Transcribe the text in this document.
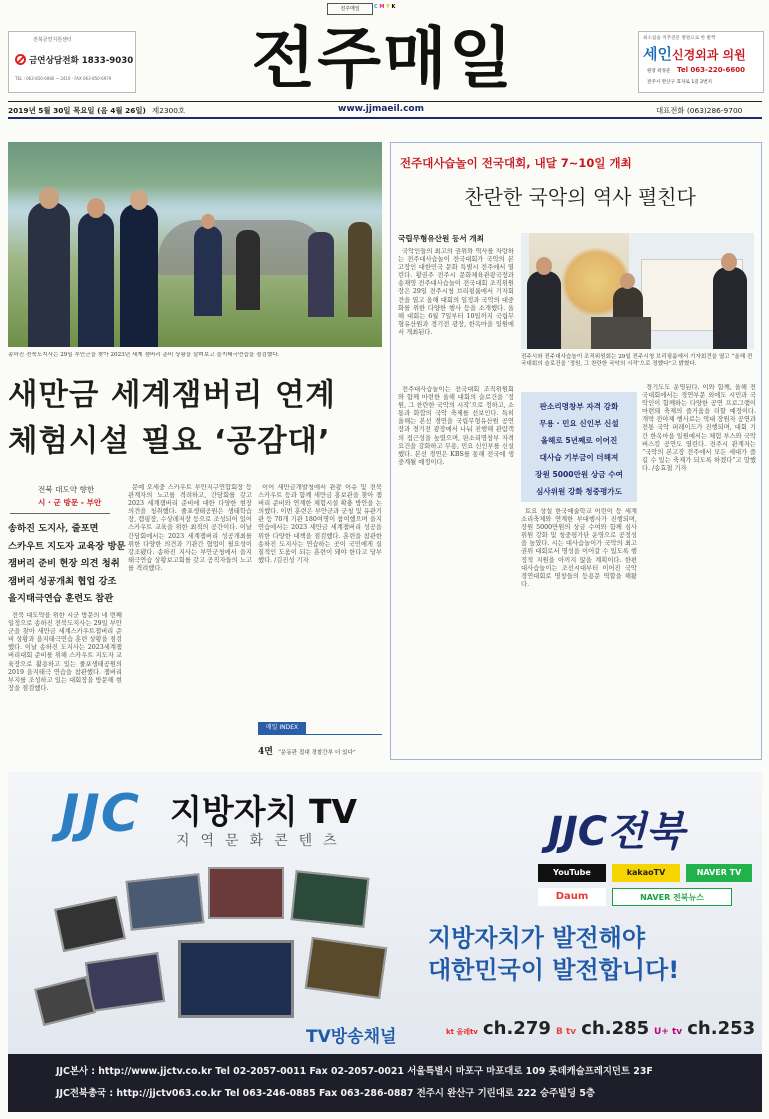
전주매일	C M Y K
전북금연지원센터
금연상담전화 1833-9030
TEL : 063-850-6980 ~ 2410 · FAX 063-850-6979 전주매일	최소침습 척추전문 병원으로 한 발짝
세인신경외과 의원
원장 곽경준 Tel 063-220-6600
전주시 완산구 효자로 1길 2번지
2019년 5월 30일 목요일 (음 4월 26일) 제2300호	www.jjmaeil.com	대표전화 (063)286-9700
송하진 전북도지사는 29일 부안군을 찾아 2023년 세계 잼버리 준비 상황을 살펴보고 을지태극연습을 점검했다.
새만금 세계잼버리 연계
체험시설 필요 ‘공감대’
전북 대도약 향한
시 · 군 방문 - 부안
송하진 도지사, 줄포면
스카우트 지도자 교육장 방문
잼버리 준비 현장 의견 청취
잼버리 성공개최 협업 강조
을지태극연습 훈련도 참관

전북 대도약을 위한 시군 방문의 네 번째 일정으로 송하진 전북도지사는 29일 부안군을 찾아 새만금 세계스카우트잼버리 준비 상황과 을지태극연습 훈련 상황을 점검했다. 이날 송하진 도지사는 2023세계잼버리대회 준비를 위해 스카우트 지도자 교육장으로 활용하고 있는 줄포생태공원의 2019 을지태극 연습을 참관했다. 잼버리 부지를 조성하고 있는 대회장을 방문해 현장을 점검했다.

문예 오세중 스카우트 부안지구연합회장 등 관계자의 노고를 격려하고, 간담회를 갖고 2023 세계잼버리 준비에 대한 다양한 현장 의견을 청취했다. 줄포생태공원은 생태학습장, 캠핑장, 수상레저장 등으로 조성되어 있어 스카우트 교육을 위한 최적의 공간이다. 이날 간담회에서는 2023 세계잼버리 성공개최를 위한 다양한 의견과 기관간 협업이 필요성이 강조됐다. 송하진 지사는 부안군청에서 을지태극연습 상황보고회를 갖고 공직자들의 노고를 격려했다.

이어 새만금개발청에서 관광 이슈 및 전북 스카우트 등과 함께 새만금 홍보관을 찾아 잼버리 준비와 연계한 체험시설 확충 방안을 논의했다. 이번 훈련은 부안군과 군청 및 유관기관 등 70개 기관 180여명이 참여했으며 을지연습에서는 2023 새만금 세계잼버리 성공을 위한 다양한 대책을 점검했다. 훈련을 참관한 송하진 도지사는 연습하는 곳이 국민에게 실질적인 도움이 되는 훈련이 돼야 한다고 당부했다. /김진성 기자

매일 INDEX
4면 “운동판 접대 경찰간부 더 있다”
전주대사습놀이 전국대회, 내달 7~10일 개최
찬란한 국악의 역사 펼친다
국립무형유산원 등서 개최
전주시와 전주대사습놀이 조직위원회는 29일 전주시청 브리핑룸에서 기자회견을 열고 “올해 전국대회의 슬로건을 ‘정원, 그 찬란한 국악의 시작’으로 정했다”고 밝혔다.

국악인들의 최고의 권위와 역사를 자랑하는 전주대사습놀이 전국대회가 국악의 본고장인 대한민국 문화 특별시 전주에서 열린다. 황권주 전주시 문화체육관광국장과 송재영 전주대사습놀이 전국대회 조직위원장은 29일 전주시청 브리핑룸에서 기자회견을 열고 올해 대회의 일정과 국악의 대중화를 위한 다양한 행사 등을 소개했다. 올해 대회는 6월 7일부터 10일까지 국립무형유산원과 경기전 광장, 한옥마을 일원에서 개최된다.

전주대사습놀이는 전국대회 조직위원회와 함께 마련한 올해 대회의 슬로건을 ‘정원, 그 찬란한 국악의 시작’으로 정하고, 소통과 화합의 국악 축제를 선보인다. 특히 올해는 본선 경연을 국립무형유산원 공연장과 경기전 광장에서 나눠 진행해 관람객의 접근성을 높였으며, 판소리명창부 자격 요건을 강화하고 무용, 민요 신인부를 신설했다. 본선 경연은 KBS를 통해 전국에 생중계될 예정이다.

판소리명창부 자격 강화
무용 · 민요 신인부 신설
올해로 5년째로 이어진
대사습 기부금이 더해져
장원 5000만원 상금 수여
심사위원 강화 청중평가도

토요 상설 한국예술학교 어린이 등 세계 소리축제와 연계한 부대행사가 진행되며, 장원 5000만원의 상금 수여와 함께 심사위원 강화 및 청중평가단 운영으로 공정성을 높였다. 시는 대사습놀이가 국악의 최고 권위 대회로서 명성을 이어갈 수 있도록 행정적 지원을 아끼지 않을 계획이다. 한편 대사습놀이는 조선시대부터 이어진 국악 경연대회로 명창들의 등용문 역할을 해왔다.

경기도도 운영된다. 이와 함께, 올해 전국대회에서는 경연부문 외에도 시민과 국악인이 함께하는 다양한 공연 프로그램이 마련돼 축제의 즐거움을 더할 예정이다. 개막 전야제 행사로는 역대 장원자 공연과 전통 국악 퍼레이드가 진행되며, 대회 기간 한옥마을 일원에서는 체험 부스와 국악 버스킹 공연도 열린다. 전주시 관계자는 “국악의 본고장 전주에서 모든 세대가 즐길 수 있는 축제가 되도록 하겠다”고 말했다. /송효철 기자

JJC 지방자치 TV
지역문화콘텐츠	JJC전북
YouTube	kakaoTV	NAVER TV
Daum	NAVER 전북뉴스
지방자치가 발전해야
대한민국이 발전합니다!
TV방송채널	kt 올레tv ch.279 B tv ch.285 U+ tv ch.253
JJC본사 : http://www.jjctv.co.kr Tel 02-2057-0011 Fax 02-2057-0021 서울특별시 마포구 마포대로 109 롯데캐슬프레지던트 23F
JJC전북총국 : http://jjctv063.co.kr Tel 063-246-0885 Fax 063-286-0887 전주시 완산구 기린대로 222 승주빌딩 5층
